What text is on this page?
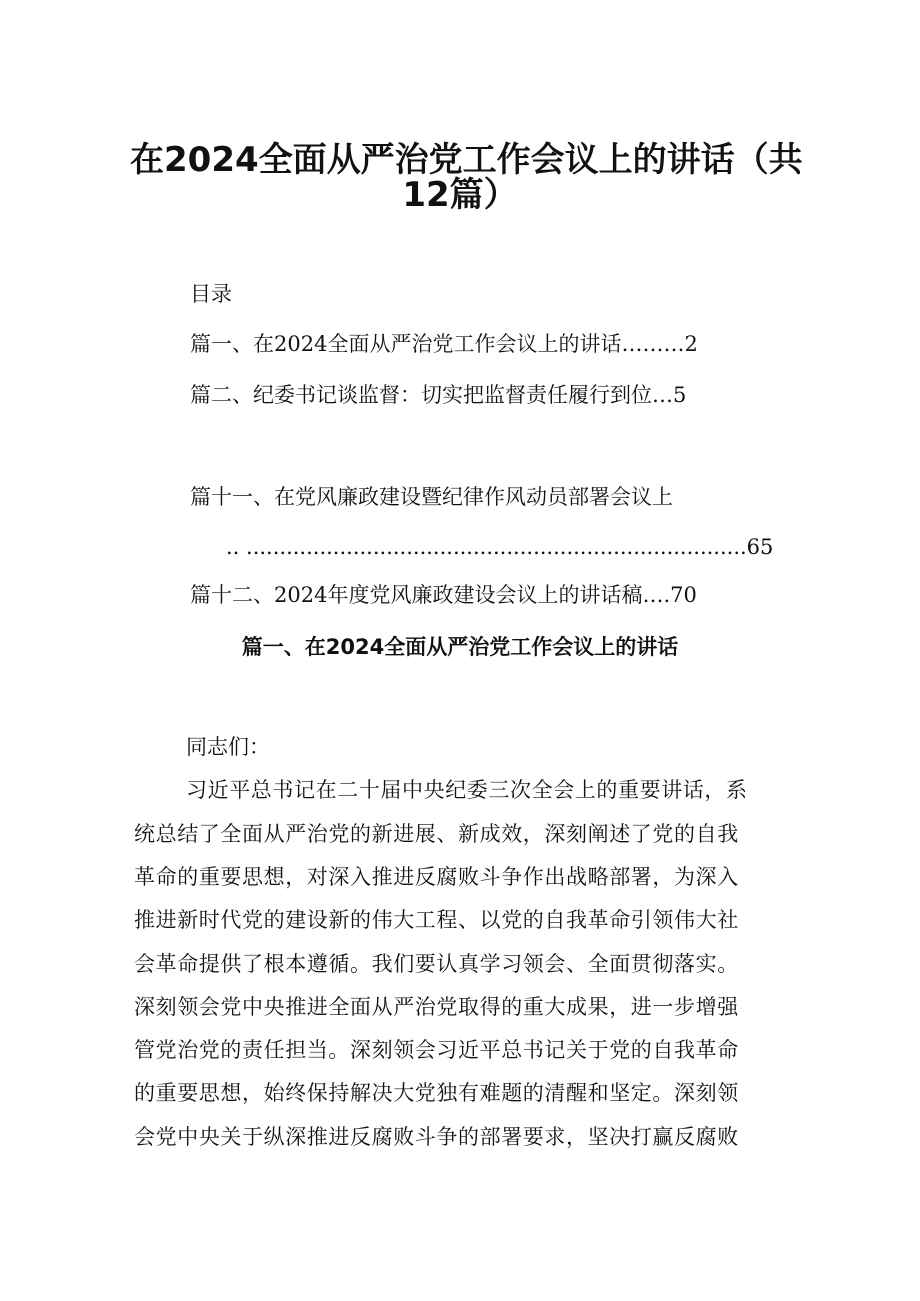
在2024全面从严治党工作会议上的讲话（共
12篇）
目录
篇一、在2024全面从严治党工作会议上的讲话………2
篇二、纪委书记谈监督：切实把监督责任履行到位…5
篇十一、在党风廉政建设暨纪律作风动员部署会议上
.. ...........................................................................65
篇十二、2024年度党风廉政建设会议上的讲话稿….70
篇一、在2024全面从严治党工作会议上的讲话
同志们：
习近平总书记在二十届中央纪委三次全会上的重要讲话，系
统总结了全面从严治党的新进展、新成效，深刻阐述了党的自我
革命的重要思想，对深入推进反腐败斗争作出战略部署，为深入
推进新时代党的建设新的伟大工程、以党的自我革命引领伟大社
会革命提供了根本遵循。我们要认真学习领会、全面贯彻落实。
深刻领会党中央推进全面从严治党取得的重大成果，进一步增强
管党治党的责任担当。深刻领会习近平总书记关于党的自我革命
的重要思想，始终保持解决大党独有难题的清醒和坚定。深刻领
会党中央关于纵深推进反腐败斗争的部署要求，坚决打赢反腐败
